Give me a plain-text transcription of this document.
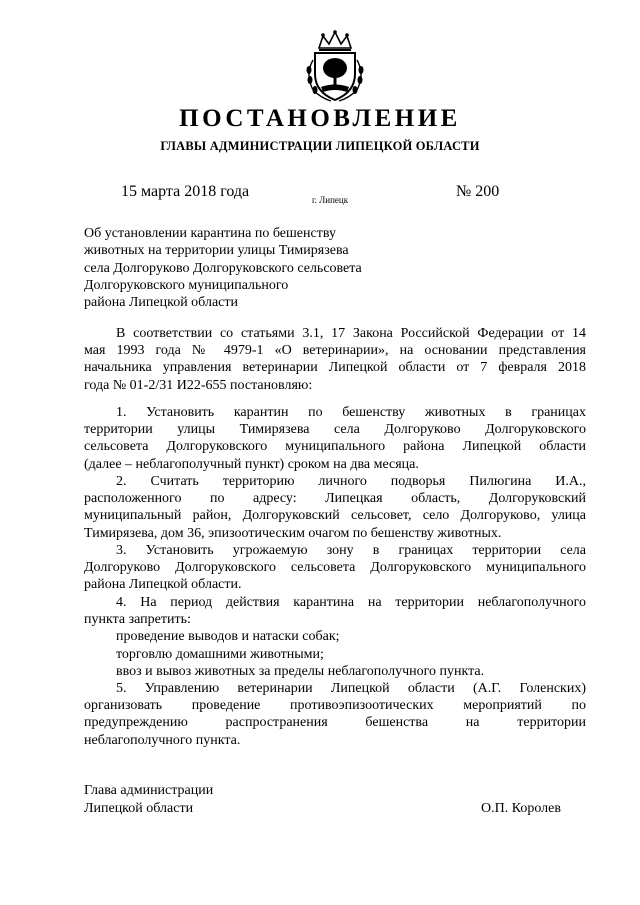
ПОСТАНОВЛЕНИЕ
ГЛАВЫ АДМИНИСТРАЦИИ ЛИПЕЦКОЙ ОБЛАСТИ
15 марта 2018 года	г. Липецк	№ 200
Об установлении карантина по бешенству
животных на территории улицы Тимирязева
села Долгоруково Долгоруковского сельсовета
Долгоруковского муниципального
района Липецкой области
В соответствии со статьями 3.1, 17 Закона Российской Федерации от 14
мая 1993 года № 4979-1 «О ветеринарии», на основании представления
начальника управления ветеринарии Липецкой области от 7 февраля 2018
года № 01-2/31 И22-655 постановляю:
1. Установить карантин по бешенству животных в границах
территории улицы Тимирязева села Долгоруково Долгоруковского
сельсовета Долгоруковского муниципального района Липецкой области
(далее – неблагополучный пункт) сроком на два месяца.
2. Считать территорию личного подворья Пилюгина И.А.,
расположенного по адресу: Липецкая область, Долгоруковский
муниципальный район, Долгоруковский сельсовет, село Долгоруково, улица
Тимирязева, дом 36, эпизоотическим очагом по бешенству животных.
3. Установить угрожаемую зону в границах территории села
Долгоруково Долгоруковского сельсовета Долгоруковского муниципального
района Липецкой области.
4. На период действия карантина на территории неблагополучного
пункта запретить:
проведение выводов и натаски собак;
торговлю домашними животными;
ввоз и вывоз животных за пределы неблагополучного пункта.
5. Управлению ветеринарии Липецкой области (А.Г. Голенских)
организовать проведение противоэпизоотических мероприятий по
предупреждению распространения бешенства на территории
неблагополучного пункта.
Глава администрации
Липецкой области	О.П. Королев
